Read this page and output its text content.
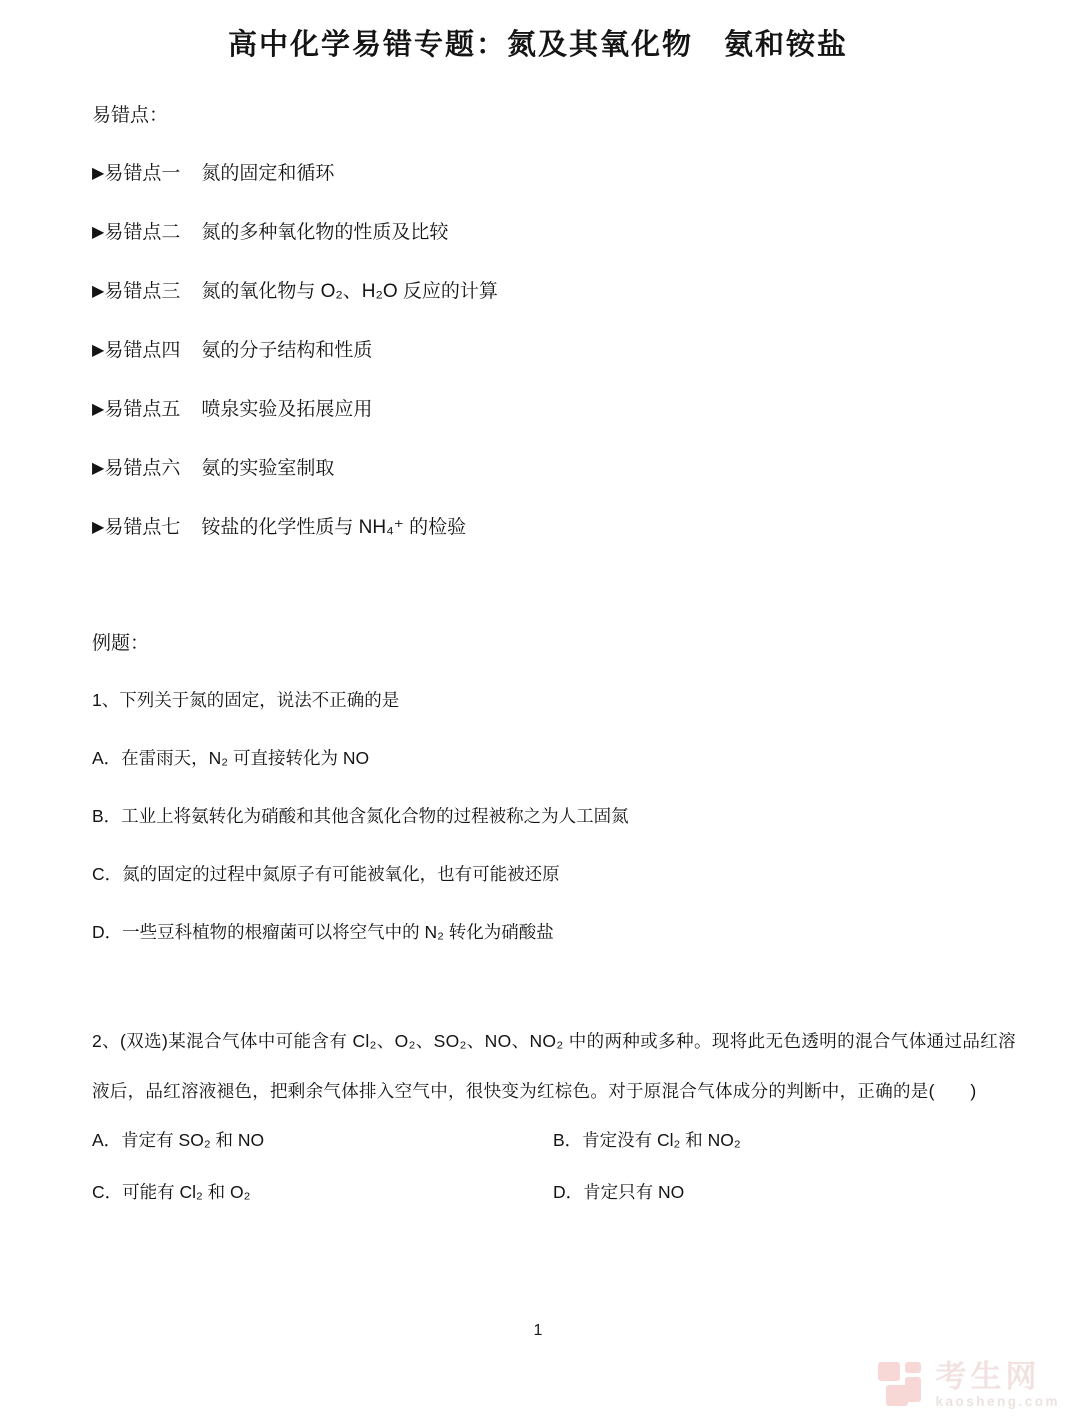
高中化学易错专题：氮及其氧化物　氨和铵盐
易错点：
▶易错点一 氮的固定和循环
▶易错点二 氮的多种氧化物的性质及比较
▶易错点三 氮的氧化物与 O₂、H₂O 反应的计算
▶易错点四 氨的分子结构和性质
▶易错点五 喷泉实验及拓展应用
▶易错点六 氨的实验室制取
▶易错点七 铵盐的化学性质与 NH₄⁺ 的检验
例题：
1、下列关于氮的固定，说法不正确的是
A．在雷雨天，N₂ 可直接转化为 NO
B．工业上将氨转化为硝酸和其他含氮化合物的过程被称之为人工固氮
C．氮的固定的过程中氮原子有可能被氧化，也有可能被还原
D．一些豆科植物的根瘤菌可以将空气中的 N₂ 转化为硝酸盐
2、(双选)某混合气体中可能含有 Cl₂、O₂、SO₂、NO、NO₂ 中的两种或多种。现将此无色透明的混合气体通过品红溶液后，品红溶液褪色，把剩余气体排入空气中，很快变为红棕色。对于原混合气体成分的判断中，正确的是(　　)
A．肯定有 SO₂ 和 NO	B．肯定没有 Cl₂ 和 NO₂
C．可能有 Cl₂ 和 O₂	D．肯定只有 NO
1
考生网
kaosheng.com
